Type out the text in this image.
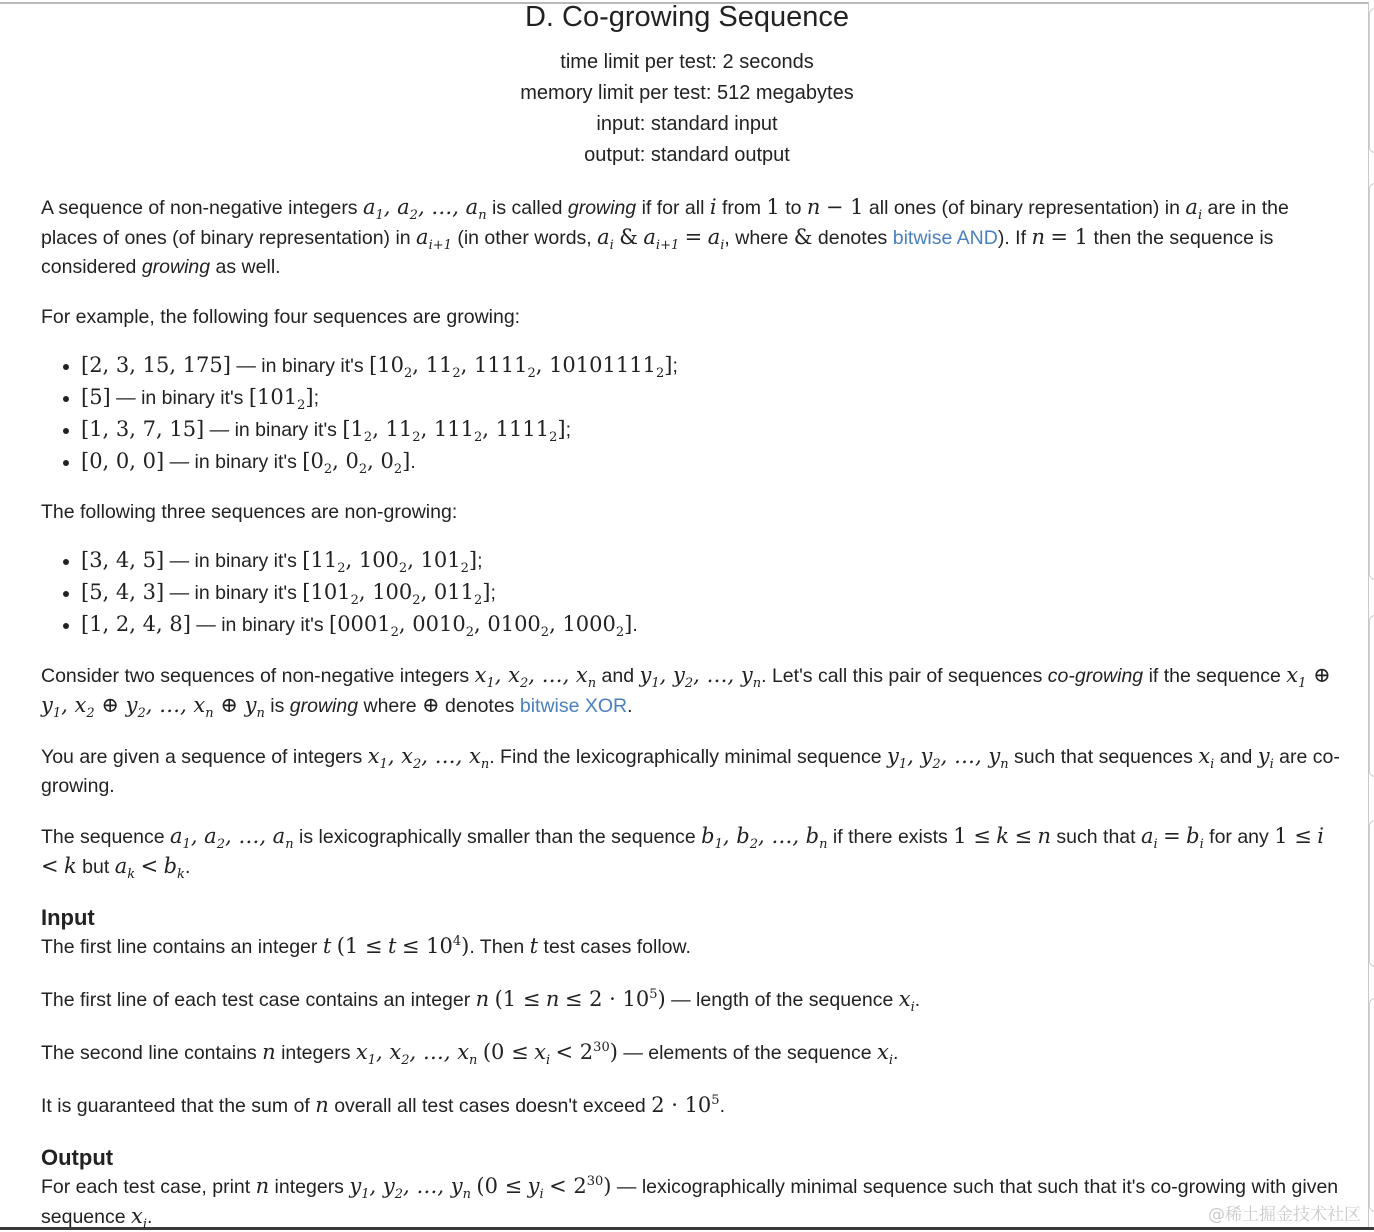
D. Co-growing Sequence
time limit per test: 2 seconds
memory limit per test: 512 megabytes
input: standard input
output: standard output

A sequence of non-negative integers $a_1$, $a_2$, …, $a_n$ is called growing if for all i from 1 to n − 1 all ones (of binary representation) in $a_i$ are in the places of ones (of binary representation) in $a_{i+1}$ (in other words, $a_i$ & $a_{i+1} = a_i$, where & denotes bitwise AND). If n = 1 then the sequence is considered growing as well.

For example, the following four sequences are growing:

• [2, 3, 15, 175] — in binary it's [$10_2$, $11_2$, $1111_2$, $10101111_2$];
• [5] — in binary it's $[101_2]$;
• [1, 3, 7, 15] — in binary it's [$1_2$, $11_2$, $111_2$, $1111_2$];
• [0, 0, 0] — in binary it's [$0_2$, $0_2$, $0_2$].

The following three sequences are non-growing:

• [3, 4, 5] — in binary it's [$11_2$, $100_2$, $101_2$];
• [5, 4, 3] — in binary it's [$101_2$, $100_2$, $011_2$];
• [1, 2, 4, 8] — in binary it's [$0001_2$, $0010_2$, $0100_2$, $1000_2$].

Consider two sequences of non-negative integers $x_1$, $x_2$, …, $x_n$ and $y_1$, $y_2$, …, $y_n$. Let's call this pair of sequences co-growing if the sequence $x_1$ ⊕ $y_1$, $x_2$ ⊕ $y_2$, …, $x_n$ ⊕ $y_n$ is growing where ⊕ denotes bitwise XOR.

You are given a sequence of integers $x_1$, $x_2$, …, $x_n$. Find the lexicographically minimal sequence $y_1$, $y_2$, …, $y_n$ such that sequences $x_i$ and $y_i$ are co-growing.

The sequence $a_1$, $a_2$, …, $a_n$ is lexicographically smaller than the sequence $b_1$, $b_2$, …, $b_n$ if there exists 1 ≤ k ≤ n such that $a_i = b_i$ for any 1 ≤ i < k but $a_k < b_k$.

Input

The first line contains an integer t $(1 \le t \le 10^4)$. Then t test cases follow.

The first line of each test case contains an integer n $(1 \le n \le 2 \cdot 10^5)$ — length of the sequence $x_i$.

The second line contains n integers $x_1$, $x_2$, …, $x_n$ $(0 \le x_i < 2^{30})$ — elements of the sequence $x_i$.

It is guaranteed that the sum of n overall all test cases doesn't exceed $2 \cdot 10^5$.

Output

For each test case, print n integers $y_1$, $y_2$, …, $y_n$ $(0 \le y_i < 2^{30})$ — lexicographically minimal sequence such that such that it's co-growing with given sequence $x_i$.	@稀土掘金技术社区
